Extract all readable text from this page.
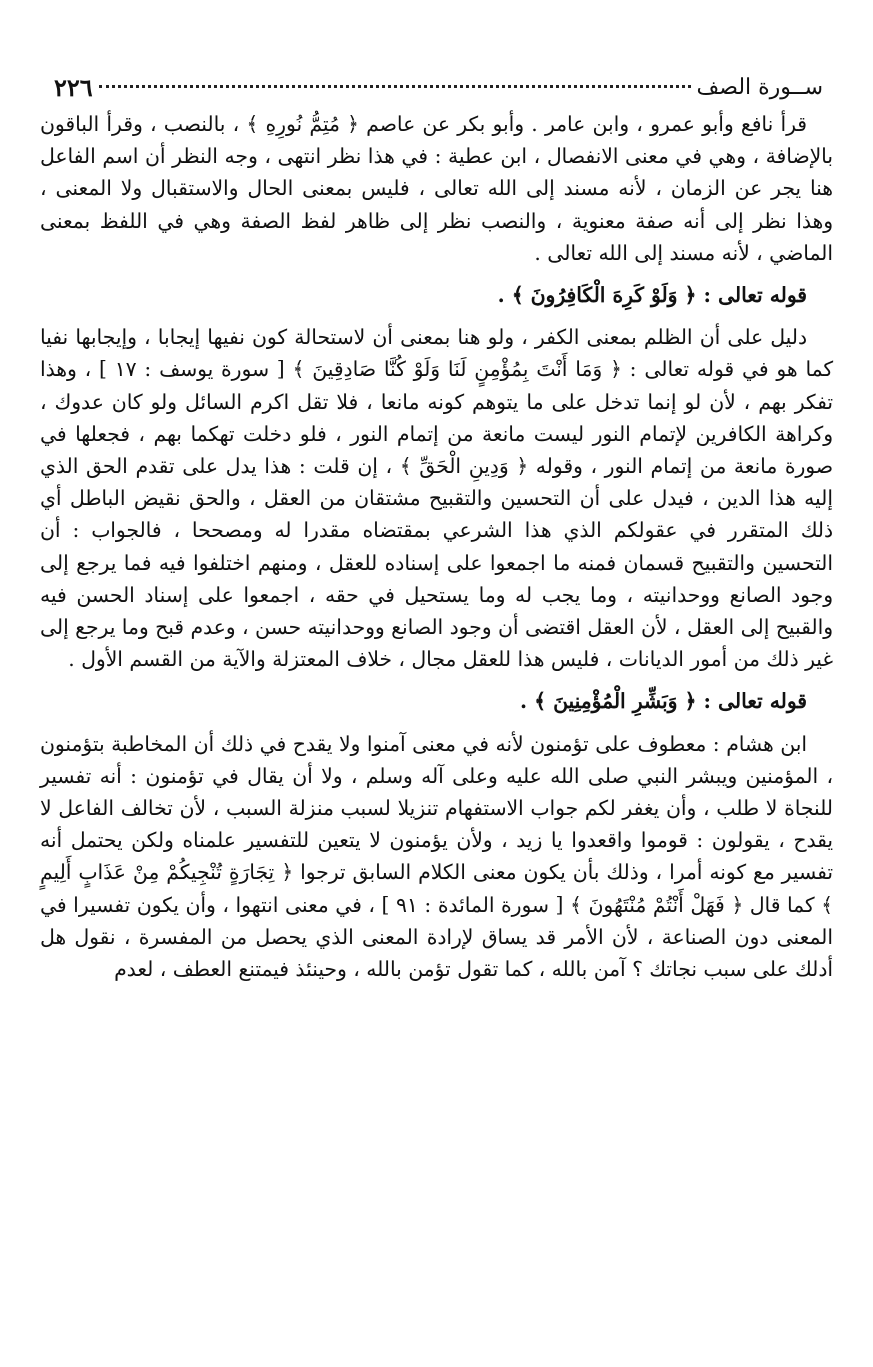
ســورة الصف
٢٢٦

قرأ نافع وأبو عمرو ، وابن عامر . وأبو بكر عن عاصم ﴿ مُتِمُّ نُورِهِ ﴾ ، بالنصب ، وقرأ الباقون بالإضافة ، وهي في معنى الانفصال ، ابن عطية : في هذا نظر انتهى ، وجه النظر أن اسم الفاعل هنا يجر عن الزمان ، لأنه مسند إلى الله تعالى ، فليس بمعنى الحال والاستقبال ولا المعنى ، وهذا نظر إلى أنه صفة معنوية ، والنصب نظر إلى ظاهر لفظ الصفة وهي في اللفظ بمعنى الماضي ، لأنه مسند إلى الله تعالى .

قوله تعالى : ﴿ وَلَوْ كَرِهَ الْكَافِرُونَ ﴾ .

دليل على أن الظلم بمعنى الكفر ، ولو هنا بمعنى أن لاستحالة كون نفيها إيجابا ، وإيجابها نفيا كما هو في قوله تعالى : ﴿ وَمَا أَنْتَ بِمُؤْمِنٍ لَنَا وَلَوْ كُنَّا صَادِقِينَ ﴾ [ سورة يوسف : ١٧ ] ، وهذا تفكر بهم ، لأن لو إنما تدخل على ما يتوهم كونه مانعا ، فلا تقل اكرم السائل ولو كان عدوك ، وكراهة الكافرين لإتمام النور ليست مانعة من إتمام النور ، فلو دخلت تهكما بهم ، فجعلها في صورة مانعة من إتمام النور ، وقوله ﴿ وَدِينِ الْحَقِّ ﴾ ، إن قلت : هذا يدل على تقدم الحق الذي إليه هذا الدين ، فيدل على أن التحسين والتقبيح مشتقان من العقل ، والحق نقيض الباطل أي ذلك المتقرر في عقولكم الذي هذا الشرعي بمقتضاه مقدرا له ومصححا ، فالجواب : أن التحسين والتقبيح قسمان فمنه ما اجمعوا على إسناده للعقل ، ومنهم اختلفوا فيه فما يرجع إلى وجود الصانع ووحدانيته ، وما يجب له وما يستحيل في حقه ، اجمعوا على إسناد الحسن فيه والقبيح إلى العقل ، لأن العقل اقتضى أن وجود الصانع ووحدانيته حسن ، وعدم قبح وما يرجع إلى غير ذلك من أمور الديانات ، فليس هذا للعقل مجال ، خلاف المعتزلة والآية من القسم الأول .

قوله تعالى : ﴿ وَبَشِّرِ الْمُؤْمِنِينَ ﴾ .

ابن هشام : معطوف على تؤمنون لأنه في معنى آمنوا ولا يقدح في ذلك أن المخاطبة بتؤمنون ، المؤمنين ويبشر النبي صلى الله عليه وعلى آله وسلم ، ولا أن يقال في تؤمنون : أنه تفسير للنجاة لا طلب ، وأن يغفر لكم جواب الاستفهام تنزيلا لسبب منزلة السبب ، لأن تخالف الفاعل لا يقدح ، يقولون : قوموا واقعدوا يا زيد ، ولأن يؤمنون لا يتعين للتفسير علمناه ولكن يحتمل أنه تفسير مع كونه أمرا ، وذلك بأن يكون معنى الكلام السابق ترجوا ﴿ تِجَارَةٍ تُنْجِيكُمْ مِنْ عَذَابٍ أَلِيمٍ ﴾ كما قال ﴿ فَهَلْ أَنْتُمْ مُنْتَهُونَ ﴾ [ سورة المائدة : ٩١ ] ، في معنى انتهوا ، وأن يكون تفسيرا في المعنى دون الصناعة ، لأن الأمر قد يساق لإرادة المعنى الذي يحصل من المفسرة ، نقول هل أدلك على سبب نجاتك ؟ آمن بالله ، كما تقول تؤمن بالله ، وحينئذ فيمتنع العطف ، لعدم
